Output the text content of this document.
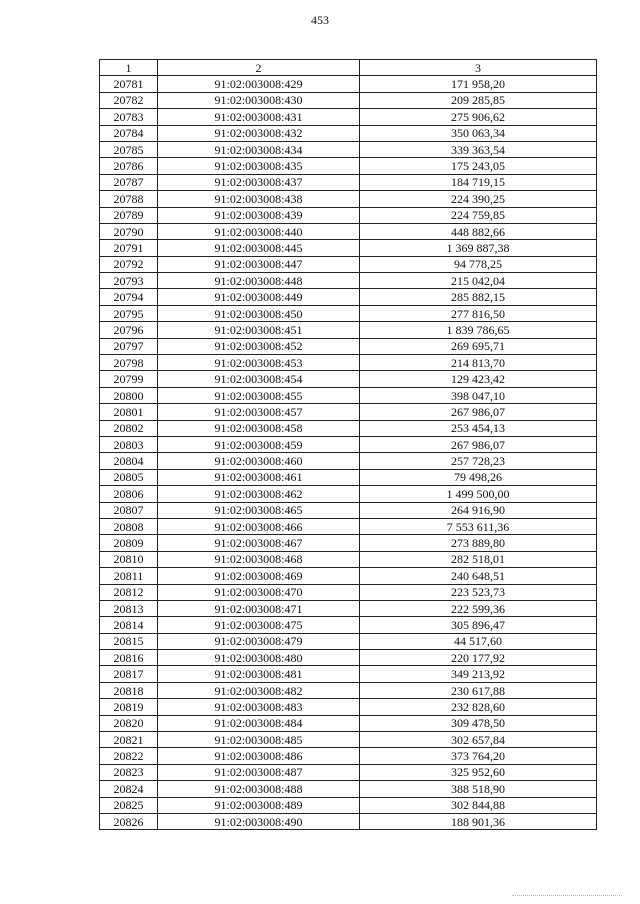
453
1	2	3
20781	91:02:003008:429	171 958,20
20782	91:02:003008:430	209 285,85
20783	91:02:003008:431	275 906,62
20784	91:02:003008:432	350 063,34
20785	91:02:003008:434	339 363,54
20786	91:02:003008:435	175 243,05
20787	91:02:003008:437	184 719,15
20788	91:02:003008:438	224 390,25
20789	91:02:003008:439	224 759,85
20790	91:02:003008:440	448 882,66
20791	91:02:003008:445	1 369 887,38
20792	91:02:003008:447	94 778,25
20793	91:02:003008:448	215 042,04
20794	91:02:003008:449	285 882,15
20795	91:02:003008:450	277 816,50
20796	91:02:003008:451	1 839 786,65
20797	91:02:003008:452	269 695,71
20798	91:02:003008:453	214 813,70
20799	91:02:003008:454	129 423,42
20800	91:02:003008:455	398 047,10
20801	91:02:003008:457	267 986,07
20802	91:02:003008:458	253 454,13
20803	91:02:003008:459	267 986,07
20804	91:02:003008:460	257 728,23
20805	91:02:003008:461	79 498,26
20806	91:02:003008:462	1 499 500,00
20807	91:02:003008:465	264 916,90
20808	91:02:003008:466	7 553 611,36
20809	91:02:003008:467	273 889,80
20810	91:02:003008:468	282 518,01
20811	91:02:003008:469	240 648,51
20812	91:02:003008:470	223 523,73
20813	91:02:003008:471	222 599,36
20814	91:02:003008:475	305 896,47
20815	91:02:003008:479	44 517,60
20816	91:02:003008:480	220 177,92
20817	91:02:003008:481	349 213,92
20818	91:02:003008:482	230 617,88
20819	91:02:003008:483	232 828,60
20820	91:02:003008:484	309 478,50
20821	91:02:003008:485	302 657,84
20822	91:02:003008:486	373 764,20
20823	91:02:003008:487	325 952,60
20824	91:02:003008:488	388 518,90
20825	91:02:003008:489	302 844,88
20826	91:02:003008:490	188 901,36
